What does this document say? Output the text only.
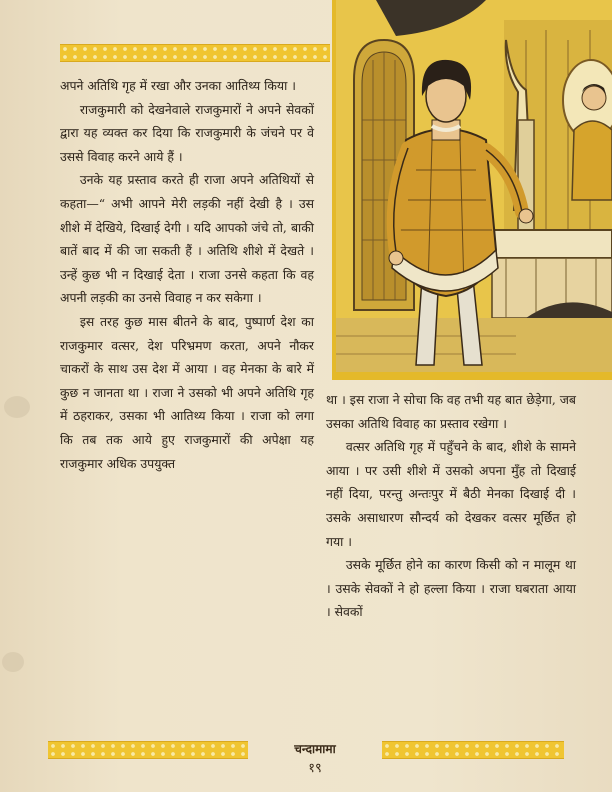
अपने अतिथि गृह में रखा और उनका आतिथ्य किया ।

राजकुमारी को देखनेवाले राजकुमारों ने अपने सेवकों द्वारा यह व्यक्त कर दिया कि राजकुमारी के जंचने पर वे उससे विवाह करने आये हैं ।

उनके यह प्रस्ताव करते ही राजा अपने अतिथियों से कहता—“ अभी आपने मेरी लड़की नहीं देखी है । उस शीशे में देखिये, दिखाई देगी । यदि आपको जंचे तो, बाकी बातें बाद में की जा सकती हैं । अतिथि शीशे में देखते । उन्हें कुछ भी न दिखाई देता । राजा उनसे कहता कि वह अपनी लड़की का उनसे विवाह न कर सकेगा ।

इस तरह कुछ मास बीतने के बाद, पुष्पार्ण देश का राजकुमार वत्सर, देश परिभ्रमण करता, अपने नौकर चाकरों के साथ उस देश में आया । वह मेनका के बारे में कुछ न जानता था । राजा ने उसको भी अपने अतिथि गृह में ठहराकर, उसका भी आतिथ्य किया । राजा को लगा कि तब तक आये हुए राजकुमारों की अपेक्षा यह राजकुमार अधिक उपयुक्त

था । इस राजा ने सोचा कि वह तभी यह बात छेड़ेगा, जब उसका अतिथि विवाह का प्रस्ताव रखेगा ।

वत्सर अतिथि गृह में पहुँचने के बाद, शीशे के सामने आया । पर उसी शीशे में उसको अपना मुँह तो दिखाई नहीं दिया, परन्तु अन्तःपुर में बैठी मेनका दिखाई दी । उसके असाधारण सौन्दर्य को देखकर वत्सर मूर्छित हो गया ।

उसके मूर्छित होने का कारण किसी को न मालूम था । उसके सेवकों ने हो हल्ला किया । राजा घबराता आया । सेवकों

चन्दामामा
१९
